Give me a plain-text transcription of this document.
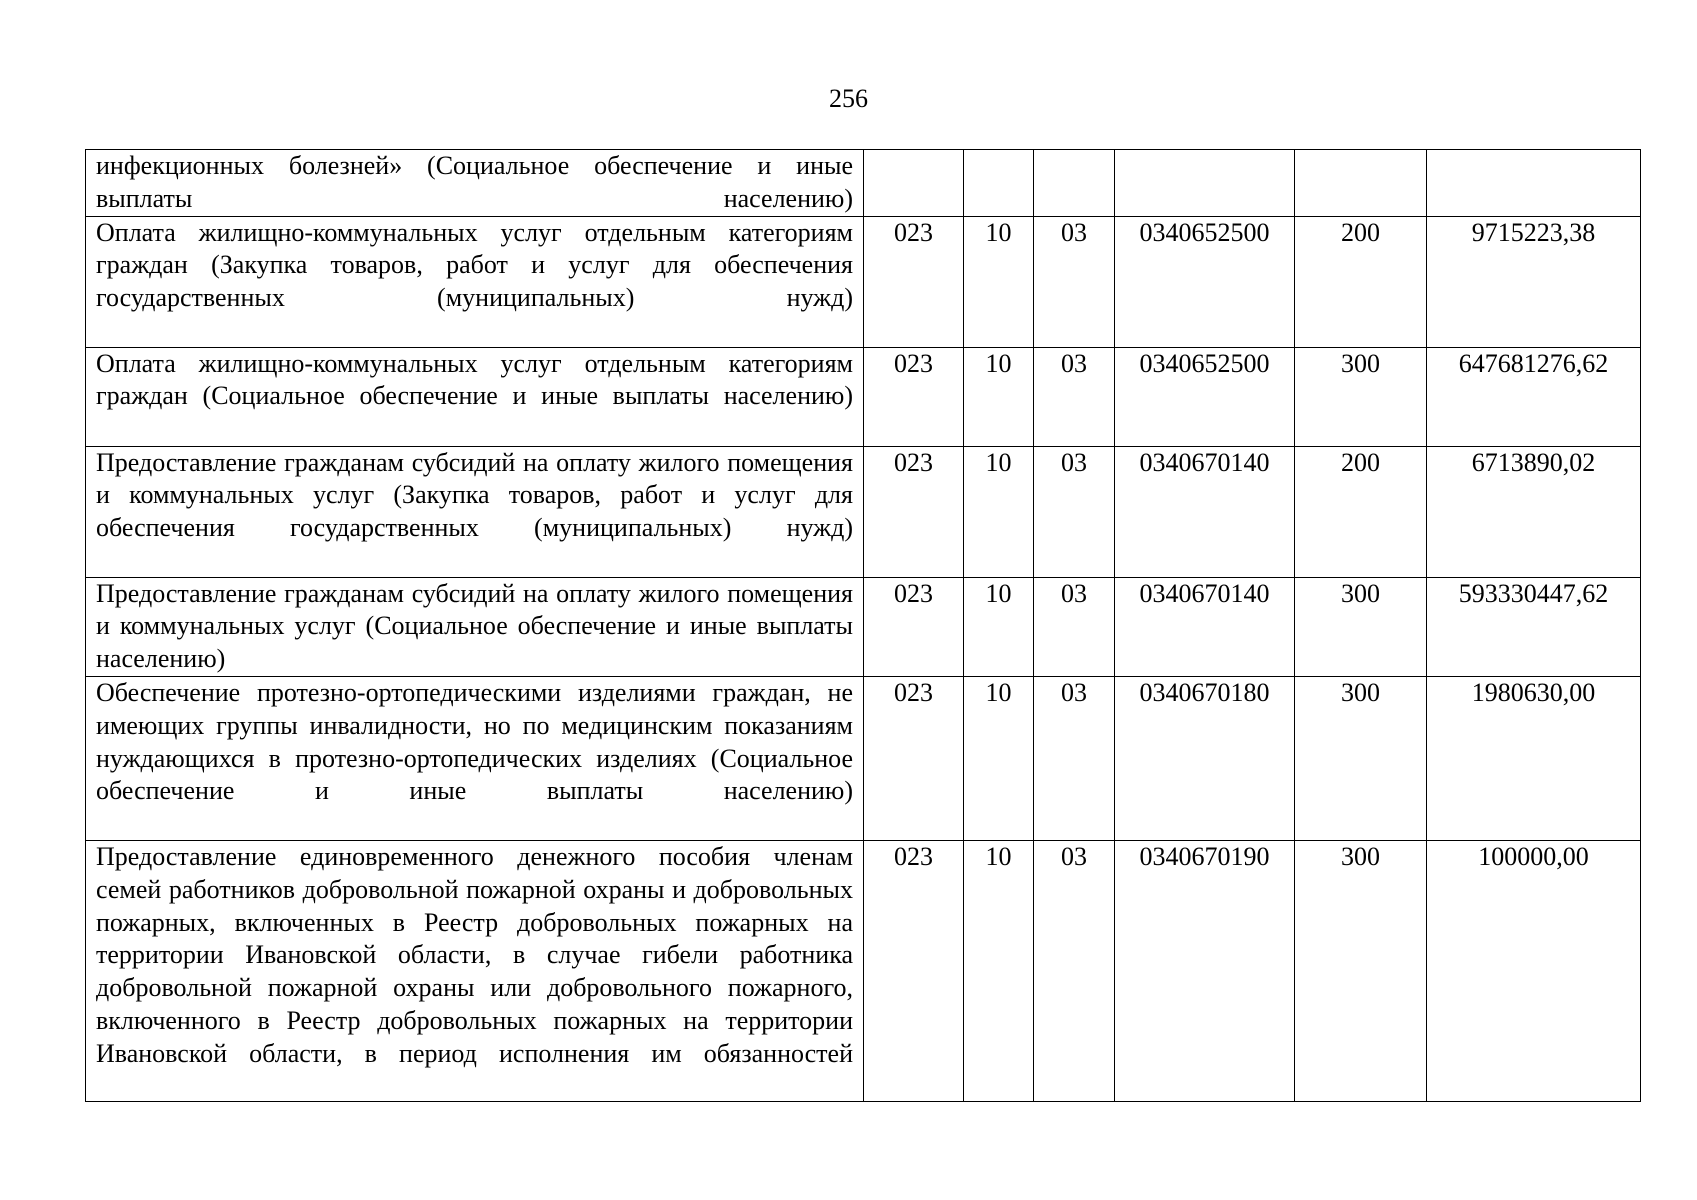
256
инфекционных болезней» (Социальное обеспечение и иные выплаты населению)						
Оплата жилищно-коммунальных услуг отдельным категориям граждан (Закупка товаров, работ и услуг для обеспечения государственных (муниципальных) нужд)	023	10	03	0340652500	200	9715223,38
Оплата жилищно-коммунальных услуг отдельным категориям граждан (Социальное обеспечение и иные выплаты населению)	023	10	03	0340652500	300	647681276,62
Предоставление гражданам субсидий на оплату жилого помещения и коммунальных услуг (Закупка товаров, работ и услуг для обеспечения государственных (муниципальных) нужд)	023	10	03	0340670140	200	6713890,02
Предоставление гражданам субсидий на оплату жилого помещения и коммунальных услуг (Социальное обеспечение и иные выплаты населению)	023	10	03	0340670140	300	593330447,62
Обеспечение протезно-ортопедическими изделиями граждан, не имеющих группы инвалидности, но по медицинским показаниям нуждающихся в протезно-ортопедических изделиях (Социальное обеспечение и иные выплаты населению)	023	10	03	0340670180	300	1980630,00
Предоставление единовременного денежного пособия членам семей работников добровольной пожарной охраны и добровольных пожарных, включенных в Реестр добровольных пожарных на территории Ивановской области, в случае гибели работника добровольной пожарной охраны или добровольного пожарного, включенного в Реестр добровольных пожарных на территории Ивановской области, в период исполнения им обязанностей	023	10	03	0340670190	300	100000,00
